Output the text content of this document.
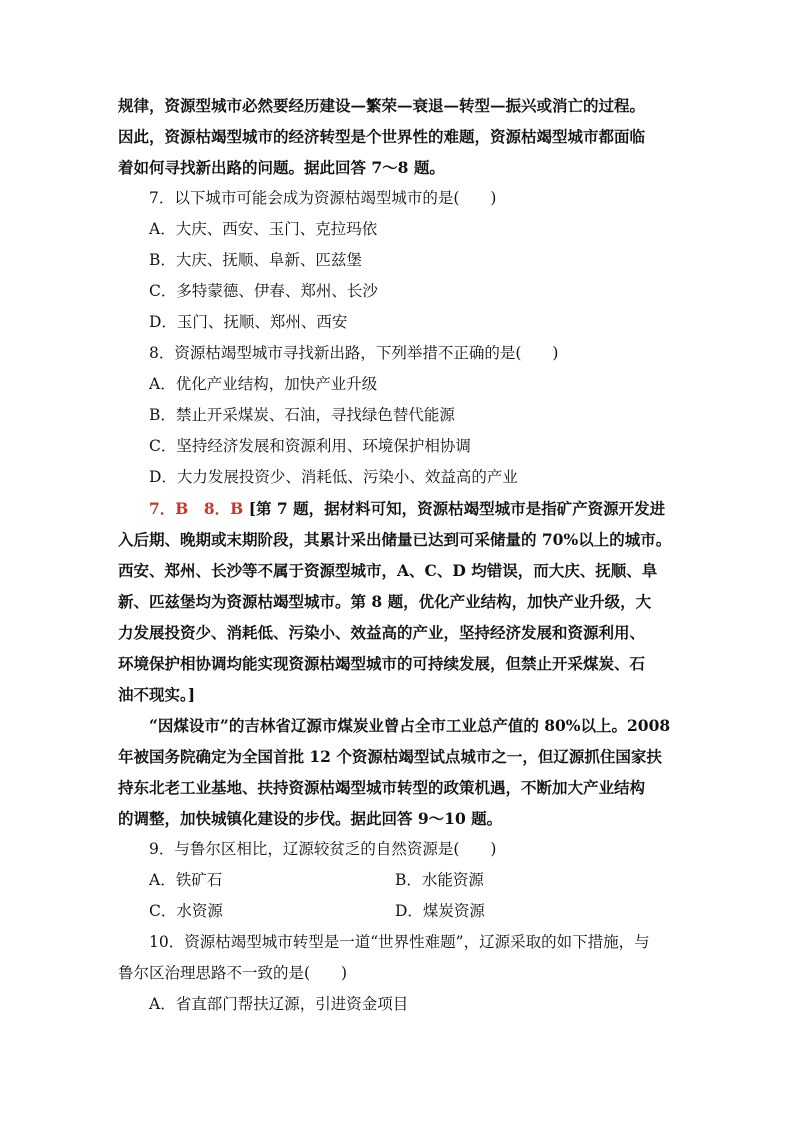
规律，资源型城市必然要经历建设—繁荣—衰退—转型—振兴或消亡的过程。
因此，资源枯竭型城市的经济转型是个世界性的难题，资源枯竭型城市都面临
着如何寻找新出路的问题。据此回答 7～8 题。
7．以下城市可能会成为资源枯竭型城市的是(　　)
A．大庆、西安、玉门、克拉玛依
B．大庆、抚顺、阜新、匹兹堡
C．多特蒙德、伊春、郑州、长沙
D．玉门、抚顺、郑州、西安
8．资源枯竭型城市寻找新出路，下列举措不正确的是(　　)
A．优化产业结构，加快产业升级
B．禁止开采煤炭、石油，寻找绿色替代能源
C．坚持经济发展和资源利用、环境保护相协调
D．大力发展投资少、消耗低、污染小、效益高的产业
7．B　8．B [第 7 题，据材料可知，资源枯竭型城市是指矿产资源开发进
入后期、晚期或末期阶段，其累计采出储量已达到可采储量的 70%以上的城市。
西安、郑州、长沙等不属于资源型城市，A、C、D 均错误，而大庆、抚顺、阜
新、匹兹堡均为资源枯竭型城市。第 8 题，优化产业结构，加快产业升级，大
力发展投资少、消耗低、污染小、效益高的产业，坚持经济发展和资源利用、
环境保护相协调均能实现资源枯竭型城市的可持续发展，但禁止开采煤炭、石
油不现实。]
“因煤设市”的吉林省辽源市煤炭业曾占全市工业总产值的 80%以上。2008
年被国务院确定为全国首批 12 个资源枯竭型试点城市之一，但辽源抓住国家扶
持东北老工业基地、扶持资源枯竭型城市转型的政策机遇，不断加大产业结构
的调整，加快城镇化建设的步伐。据此回答 9～10 题。
9．与鲁尔区相比，辽源较贫乏的自然资源是(　　)
A．铁矿石	B．水能资源
C．水资源	D．煤炭资源
10．资源枯竭型城市转型是一道“世界性难题”，辽源采取的如下措施，与
鲁尔区治理思路不一致的是(　　)
A．省直部门帮扶辽源，引进资金项目
